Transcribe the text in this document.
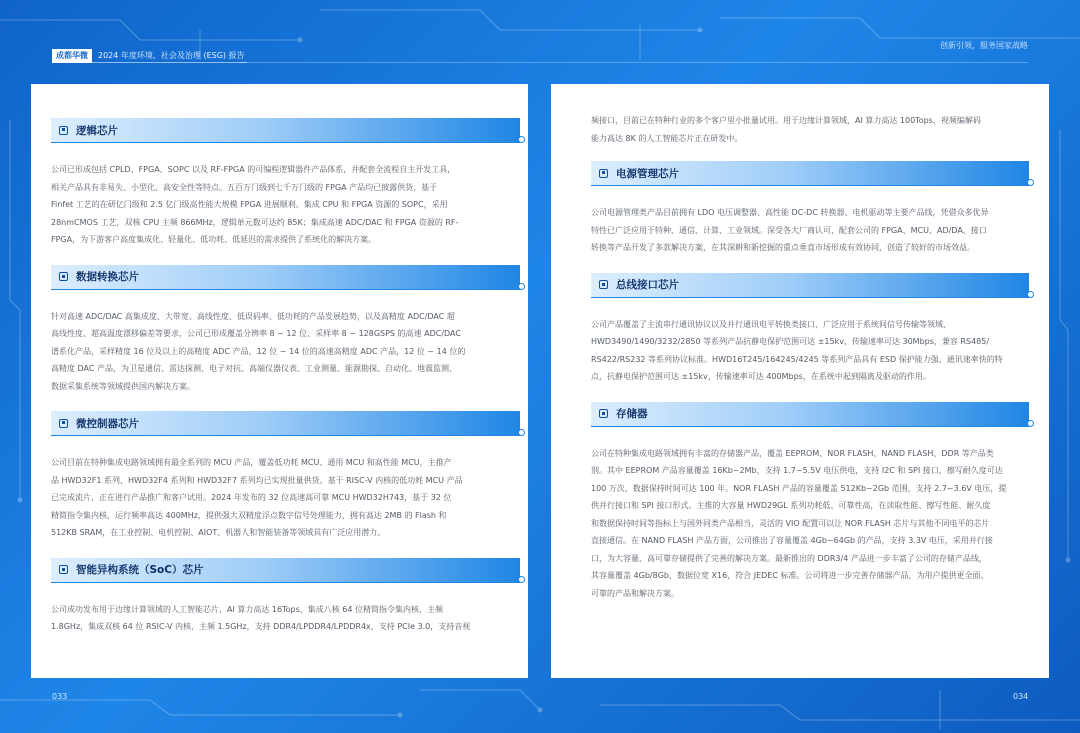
成都华微	2024 年度环境、社会及治理 (ESG) 报告
创新引领，服务国家战略
逻辑芯片

公司已形成包括 CPLD、FPGA、SOPC 以及 RF-FPGA 的可编程逻辑器件产品体系，并配套全流程自主开发工具，

相关产品具有非易失、小型化、高安全性等特点。五百万门级到七千万门级的 FPGA 产品均已披露供货，基于

Finfet 工艺的在研亿门级和 2.5 亿门级高性能大规模 FPGA 进展顺利。集成 CPU 和 FPGA 资源的 SOPC，采用

28nmCMOS 工艺，双核 CPU 主频 866MHz，逻辑单元数可达约 85K；集成高速 ADC/DAC 和 FPGA 资源的 RF-

FPGA，为下游客户高度集成化、轻量化、低功耗、低延迟的需求提供了系统化的解决方案。

数据转换芯片

针对高速 ADC/DAC 高集成度、大带宽、高线性度、低误码率、低功耗的产品发展趋势，以及高精度 ADC/DAC 超

高线性度、超高温度漂移偏差等要求，公司已形成覆盖分辨率 8 ~ 12 位、采样率 8 ~ 128GSPS 的高速 ADC/DAC

谱系化产品，采样精度 16 位及以上的高精度 ADC 产品，12 位 ~ 14 位的高速高精度 ADC 产品，12 位 ~ 14 位的

高精度 DAC 产品，为卫星通信、雷达探测、电子对抗、高端仪器仪表、工业测量、能源勘探、自动化、地震监测、

数据采集系统等领域提供国内解决方案。

微控制器芯片

公司目前在特种集成电路领域拥有最全系列的 MCU 产品，覆盖低功耗 MCU、通用 MCU 和高性能 MCU，主推产

品 HWD32F1 系列、HWD32F4 系列和 HWD32F7 系列均已实现批量供货。基于 RISC-V 内核的低功耗 MCU 产品

已完成流片，正在进行产品推广和客户试用。2024 年发布的 32 位高速高可靠 MCU HWD32H743，基于 32 位

精简指令集内核，运行频率高达 400MHz，提供强大双精度浮点数字信号处理能力，拥有高达 2MB 的 Flash 和

512KB SRAM，在工业控制、电机控制、AIOT、机器人和智能装备等领域具有广泛应用潜力。

智能异构系统（SoC）芯片

公司成功发布用于边缘计算领域的人工智能芯片，AI 算力高达 16Tops，集成八核 64 位精简指令集内核，主频

1.8GHz，集成双核 64 位 RSIC-V 内核，主频 1.5GHz，支持 DDR4/LPDDR4/LPDDR4x，支持 PCIe 3.0，支持音视

频接口，目前已在特种行业的多个客户里小批量试用。用于边缘计算领域，AI 算力高达 100Tops，视频编解码

能力高达 8K 的人工智能芯片正在研发中。

电源管理芯片

公司电源管理类产品目前拥有 LDO 电压调整器、高性能 DC-DC 转换器、电机驱动等主要产品线，凭借众多优异

特性已广泛应用于特种、通信、计算、工业领域。深受各大厂商认可，配套公司的 FPGA、MCU、AD/DA、接口

转换等产品开发了多款解决方案，在其深耕和新挖掘的重点垂直市场形成有效协同，创造了较好的市场效益。

总线接口芯片

公司产品覆盖了主流串行通讯协议以及并行通讯电平转换类接口，广泛应用于系统间信号传输等领域，

HWD3490/1490/3232/2850 等系列产品抗静电保护范围可达 ±15kv，传输速率可达 30Mbps，兼容 RS485/

RS422/RS232 等系列协议标准。HWD16T245/164245/4245 等系列产品具有 ESD 保护能力强、通讯速率快的特

点，抗静电保护范围可达 ±15kv，传输速率可达 400Mbps，在系统中起到隔离及驱动的作用。

存储器

公司在特种集成电路领域拥有丰富的存储器产品，覆盖 EEPROM、NOR FLASH、NAND FLASH、DDR 等产品类

别。其中 EEPROM 产品容量覆盖 16Kb~2Mb，支持 1.7~5.5V 电压供电，支持 I2C 和 SPI 接口，擦写耐久度可达

100 万次，数据保持时间可达 100 年。NOR FLASH 产品的容量覆盖 512Kb~2Gb 范围，支持 2.7~3.6V 电压，提

供并行接口和 SPI 接口形式。主推的大容量 HWD29GL 系列功耗低、可靠性高，在读取性能、擦写性能、耐久度

和数据保持时间等指标上与国外同类产品相当，灵活的 VIO 配置可以让 NOR FLASH 芯片与其他不同电平的芯片

直接通信。在 NAND FLASH 产品方面，公司推出了容量覆盖 4Gb~64Gb 的产品，支持 3.3V 电压，采用并行接

口，为大容量、高可靠存储提供了完善的解决方案。最新推出的 DDR3/4 产品进一步丰富了公司的存储产品线，

其容量覆盖 4Gb/8Gb，数据位宽 X16，符合 JEDEC 标准。公司将进一步完善存储器产品，为用户提供更全面、

可靠的产品和解决方案。

033	034
